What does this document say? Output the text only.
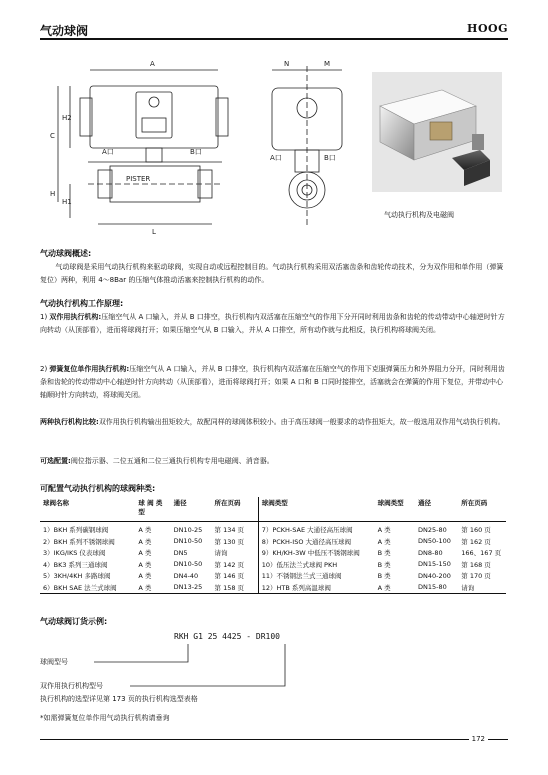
气动球阀	HOOG
A
H2
C
H
H1
N	M
L
A口	B口
A口	B口
PISTER
气动执行机构及电磁阀
气动球阀概述:
气动球阀是采用气动执行机构来驱动球阀，实现自动或远程控制目的。气动执行机构采用双活塞齿条和齿轮传动技术，分为双作用和单作用（弹簧复位）两种，利用 4～8Bar 的压缩气体推动活塞来控制执行机构的动作。
气动执行机构工作原理:
1) 双作用执行机构:压缩空气从 A 口输入，并从 B 口排空，执行机构内双活塞在压缩空气的作用下分开同时利用齿条和齿轮的传动带动中心轴逆时针方向转动（从顶部看），进而将球阀打开；如果压缩空气从 B 口输入，并从 A 口排空，所有动作就与此相反，执行机构将球阀关闭。
2) 弹簧复位单作用执行机构:压缩空气从 A 口输入，并从 B 口排空，执行机构内双活塞在压缩空气的作用下克服弹簧压力和外界阻力分开，同时利用齿条和齿轮的传动带动中心轴逆时针方向转动（从顶部看），进而将球阀打开；如果 A 口和 B 口同时接排空，活塞就会在弹簧的作用下复位，并带动中心轴顺时针方向转动，将球阀关闭。
两种执行机构比较:双作用执行机构输出扭矩较大，故配同样的球阀体积较小。由于高压球阀一般要求的动作扭矩大，故一般选用双作用气动执行机构。
可选配置:阀位指示器、二位五通和二位三通执行机构专用电磁阀、消音器。
可配置气动执行机构的球阀种类:
球阀名称	球 阀 类 型	通径	所在页码	球阀类型	球阀类型	通径	所在页码
1）BKH 系列碳钢球阀	A 类	DN10-25	第 134 页	7）PCKH-SAE 大通径高压球阀	A 类	DN25-80	第 160 页
2）BKH 系列不锈钢球阀	A 类	DN10-50	第 130 页	8）PCKH-ISO 大通径高压球阀	A 类	DN50-100	第 162 页
3）IKG/IKS 仪表球阀	A 类	DN5	请询	9）KH/KH-3W 中低压不锈钢球阀	B 类	DN8-80	166、167 页
4）BK3 系列三通球阀	A 类	DN10-50	第 142 页	10）低压法兰式球阀 PKH	B 类	DN15-150	第 168 页
5）3KH/4KH 多路球阀	A 类	DN4-40	第 146 页	11）不锈钢法兰式三通球阀	B 类	DN40-200	第 170 页
6）BKH SAE 法兰式球阀	A 类	DN13-25	第 158 页	12）HTB 系列高温球阀	A 类	DN15-80	请询
气动球阀订货示例:
RKH G1 25 4425 - DR100
球阀型号
双作用执行机构型号
执行机构的选型详见第 173 页的执行机构选型表格
*如需弹簧复位单作用气动执行机构请垂询
172
